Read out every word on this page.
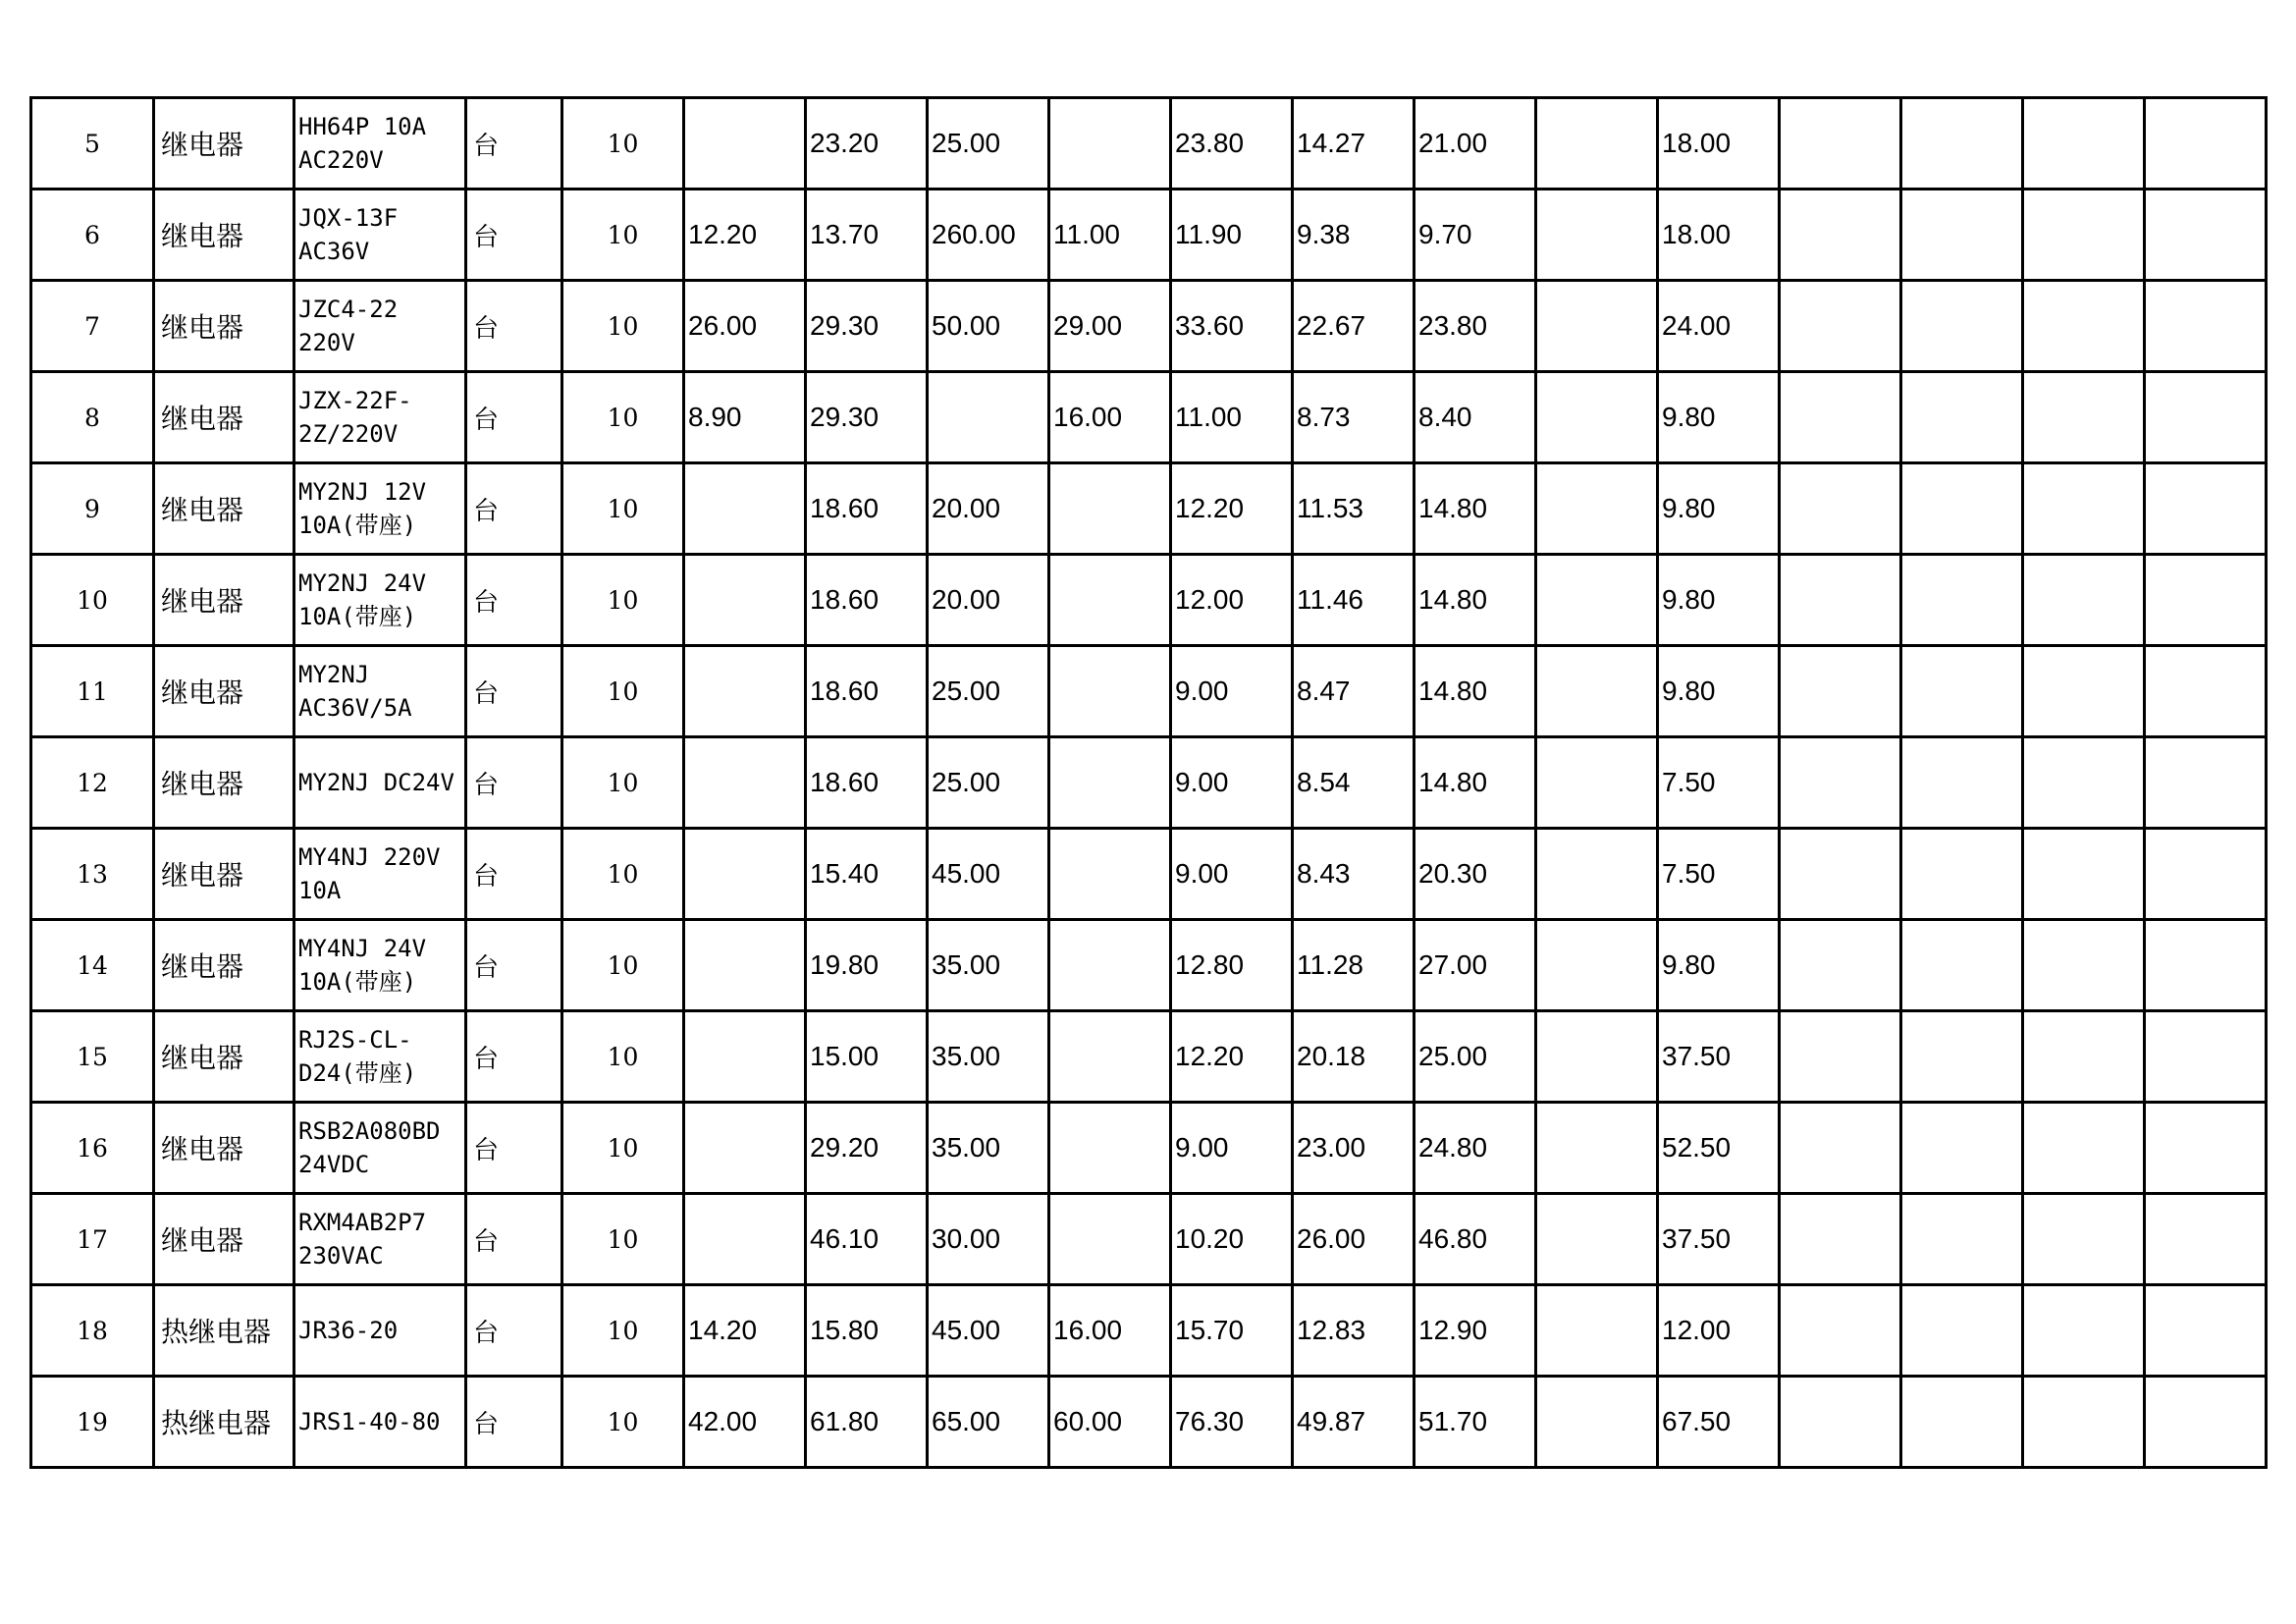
5	继电器	HH64P 10A
AC220V	台	10		23.20	25.00		23.80	14.27	21.00		18.00				
6	继电器	JQX-13F
AC36V	台	10	12.20	13.70	260.00	11.00	11.90	9.38	9.70		18.00				
7	继电器	JZC4-22
220V	台	10	26.00	29.30	50.00	29.00	33.60	22.67	23.80		24.00				
8	继电器	JZX-22F-
2Z/220V	台	10	8.90	29.30		16.00	11.00	8.73	8.40		9.80				
9	继电器	MY2NJ 12V
10A(带座)	台	10		18.60	20.00		12.20	11.53	14.80		9.80				
10	继电器	MY2NJ 24V
10A(带座)	台	10		18.60	20.00		12.00	11.46	14.80		9.80				
11	继电器	MY2NJ
AC36V/5A	台	10		18.60	25.00		9.00	8.47	14.80		9.80				
12	继电器	MY2NJ DC24V	台	10		18.60	25.00		9.00	8.54	14.80		7.50				
13	继电器	MY4NJ 220V
10A	台	10		15.40	45.00		9.00	8.43	20.30		7.50				
14	继电器	MY4NJ 24V
10A(带座)	台	10		19.80	35.00		12.80	11.28	27.00		9.80				
15	继电器	RJ2S-CL-
D24(带座)	台	10		15.00	35.00		12.20	20.18	25.00		37.50				
16	继电器	RSB2A080BD
24VDC	台	10		29.20	35.00		9.00	23.00	24.80		52.50				
17	继电器	RXM4AB2P7
230VAC	台	10		46.10	30.00		10.20	26.00	46.80		37.50				
18	热继电器	JR36-20	台	10	14.20	15.80	45.00	16.00	15.70	12.83	12.90		12.00				
19	热继电器	JRS1-40-80	台	10	42.00	61.80	65.00	60.00	76.30	49.87	51.70		67.50				
